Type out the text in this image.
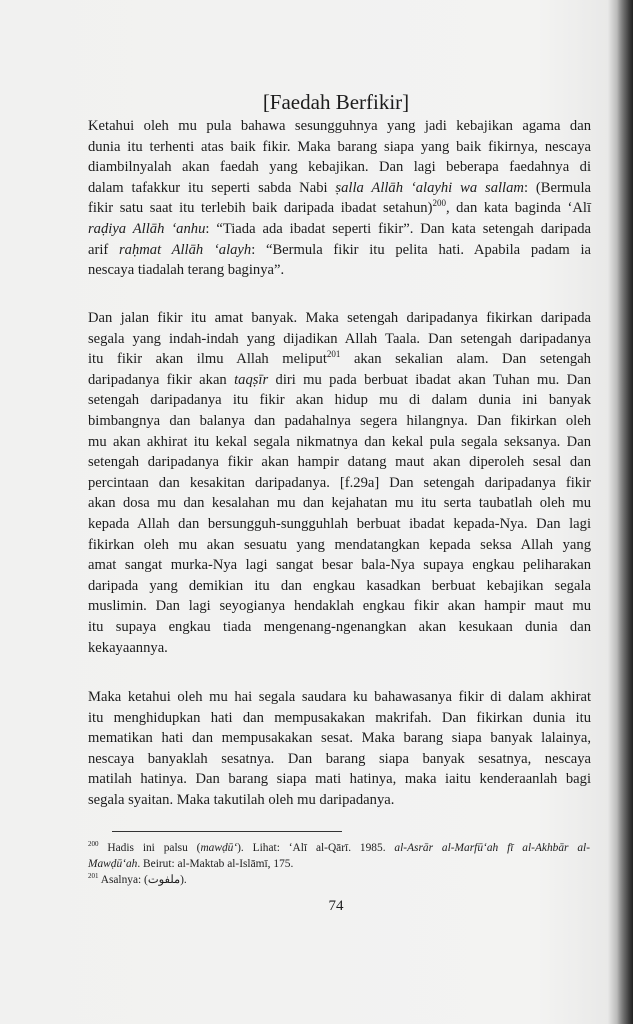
[Faedah Berfikir]
Ketahui oleh mu pula bahawa sesungguhnya yang jadi kebajikan agama dan
dunia itu terhenti atas baik fikir. Maka barang siapa yang baik fikirnya, nescaya
diambilnyalah akan faedah yang kebajikan. Dan lagi beberapa faedahnya di
dalam tafakkur itu seperti sabda Nabi ṣalla Allāh ʻalayhi wa sallam: (Bermula
fikir satu saat itu terlebih baik daripada ibadat setahun)$^{200}$, dan kata baginda ʻAlī
raḍiya Allāh ʻanhu: “Tiada ada ibadat seperti fikir”. Dan kata setengah daripada
arif raḥmat Allāh ʻalayh: “Bermula fikir itu pelita hati. Apabila padam ia
nescaya tiadalah terang baginya”.
Dan jalan fikir itu amat banyak. Maka setengah daripadanya fikirkan daripada
segala yang indah-indah yang dijadikan Allah Taala. Dan setengah daripadanya
itu fikir akan ilmu Allah meliput$^{201}$ akan sekalian alam. Dan setengah
daripadanya fikir akan taqṣīr diri mu pada berbuat ibadat akan Tuhan mu. Dan
setengah daripadanya itu fikir akan hidup mu di dalam dunia ini banyak
bimbangnya dan balanya dan padahalnya segera hilangnya. Dan fikirkan oleh
mu akan akhirat itu kekal segala nikmatnya dan kekal pula segala seksanya. Dan
setengah daripadanya fikir akan hampir datang maut akan diperoleh sesal dan
percintaan dan kesakitan daripadanya. [f.29a] Dan setengah daripadanya fikir
akan dosa mu dan kesalahan mu dan kejahatan mu itu serta taubatlah oleh mu
kepada Allah dan bersungguh-sungguhlah berbuat ibadat kepada-Nya. Dan lagi
fikirkan oleh mu akan sesuatu yang mendatangkan kepada seksa Allah yang
amat sangat murka-Nya lagi sangat besar bala-Nya supaya engkau peliharakan
daripada yang demikian itu dan engkau kasadkan berbuat kebajikan segala
muslimin. Dan lagi seyogianya hendaklah engkau fikir akan hampir maut mu
itu supaya engkau tiada mengenang-ngenangkan akan kesukaan dunia dan
kekayaannya.
Maka ketahui oleh mu hai segala saudara ku bahawasanya fikir di dalam akhirat
itu menghidupkan hati dan mempusakakan makrifah. Dan fikirkan dunia itu
mematikan hati dan mempusakakan sesat. Maka barang siapa banyak lalainya,
nescaya banyaklah sesatnya. Dan barang siapa banyak sesatnya, nescaya
matilah hatinya. Dan barang siapa mati hatinya, maka iaitu kenderaanlah bagi
segala syaitan. Maka takutilah oleh mu daripadanya.
$^{200}$ Hadis ini palsu (mawḍūʻ). Lihat: ʻAlī al-Qārī. 1985. al-Asrār al-Marfūʻah fī al-Akhbār al-
Mawḍūʻah. Beirut: al-Maktab al-Islāmī, 175.
$^{201}$ Asalnya: (ملفوت).
74
